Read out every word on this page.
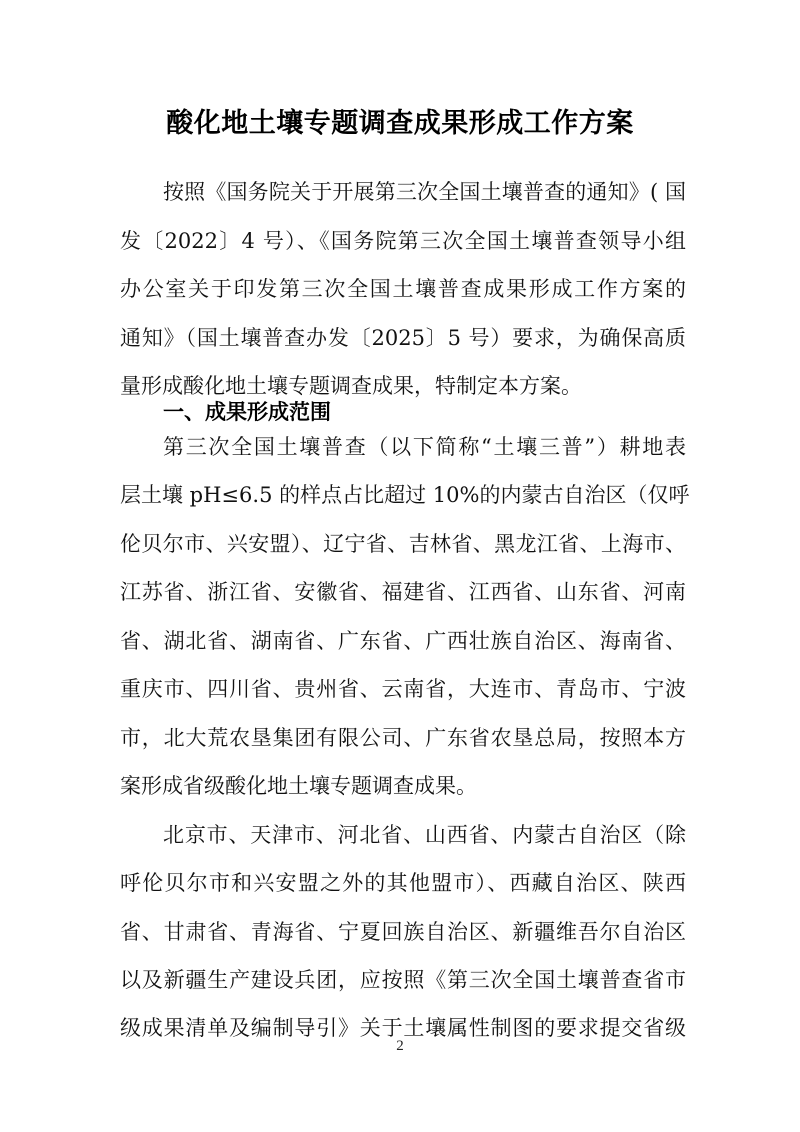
酸化地土壤专题调查成果形成工作方案
按照《国务院关于开展第三次全国土壤普查的通知》( 国
发〔2022〕4 号）、《国务院第三次全国土壤普查领导小组
办公室关于印发第三次全国土壤普查成果形成工作方案的
通知》（国土壤普查办发〔2025〕5 号）要求，为确保高质
量形成酸化地土壤专题调查成果，特制定本方案。
一、成果形成范围
第三次全国土壤普查（以下简称“土壤三普”）耕地表
层土壤 pH≤6.5 的样点占比超过 10%的内蒙古自治区（仅呼
伦贝尔市、兴安盟）、辽宁省、吉林省、黑龙江省、上海市、
江苏省、浙江省、安徽省、福建省、江西省、山东省、河南
省、湖北省、湖南省、广东省、广西壮族自治区、海南省、
重庆市、四川省、贵州省、云南省，大连市、青岛市、宁波
市，北大荒农垦集团有限公司、广东省农垦总局，按照本方
案形成省级酸化地土壤专题调查成果。
北京市、天津市、河北省、山西省、内蒙古自治区（除
呼伦贝尔市和兴安盟之外的其他盟市）、西藏自治区、陕西
省、甘肃省、青海省、宁夏回族自治区、新疆维吾尔自治区
以及新疆生产建设兵团，应按照《第三次全国土壤普查省市
级成果清单及编制导引》关于土壤属性制图的要求提交省级
2
